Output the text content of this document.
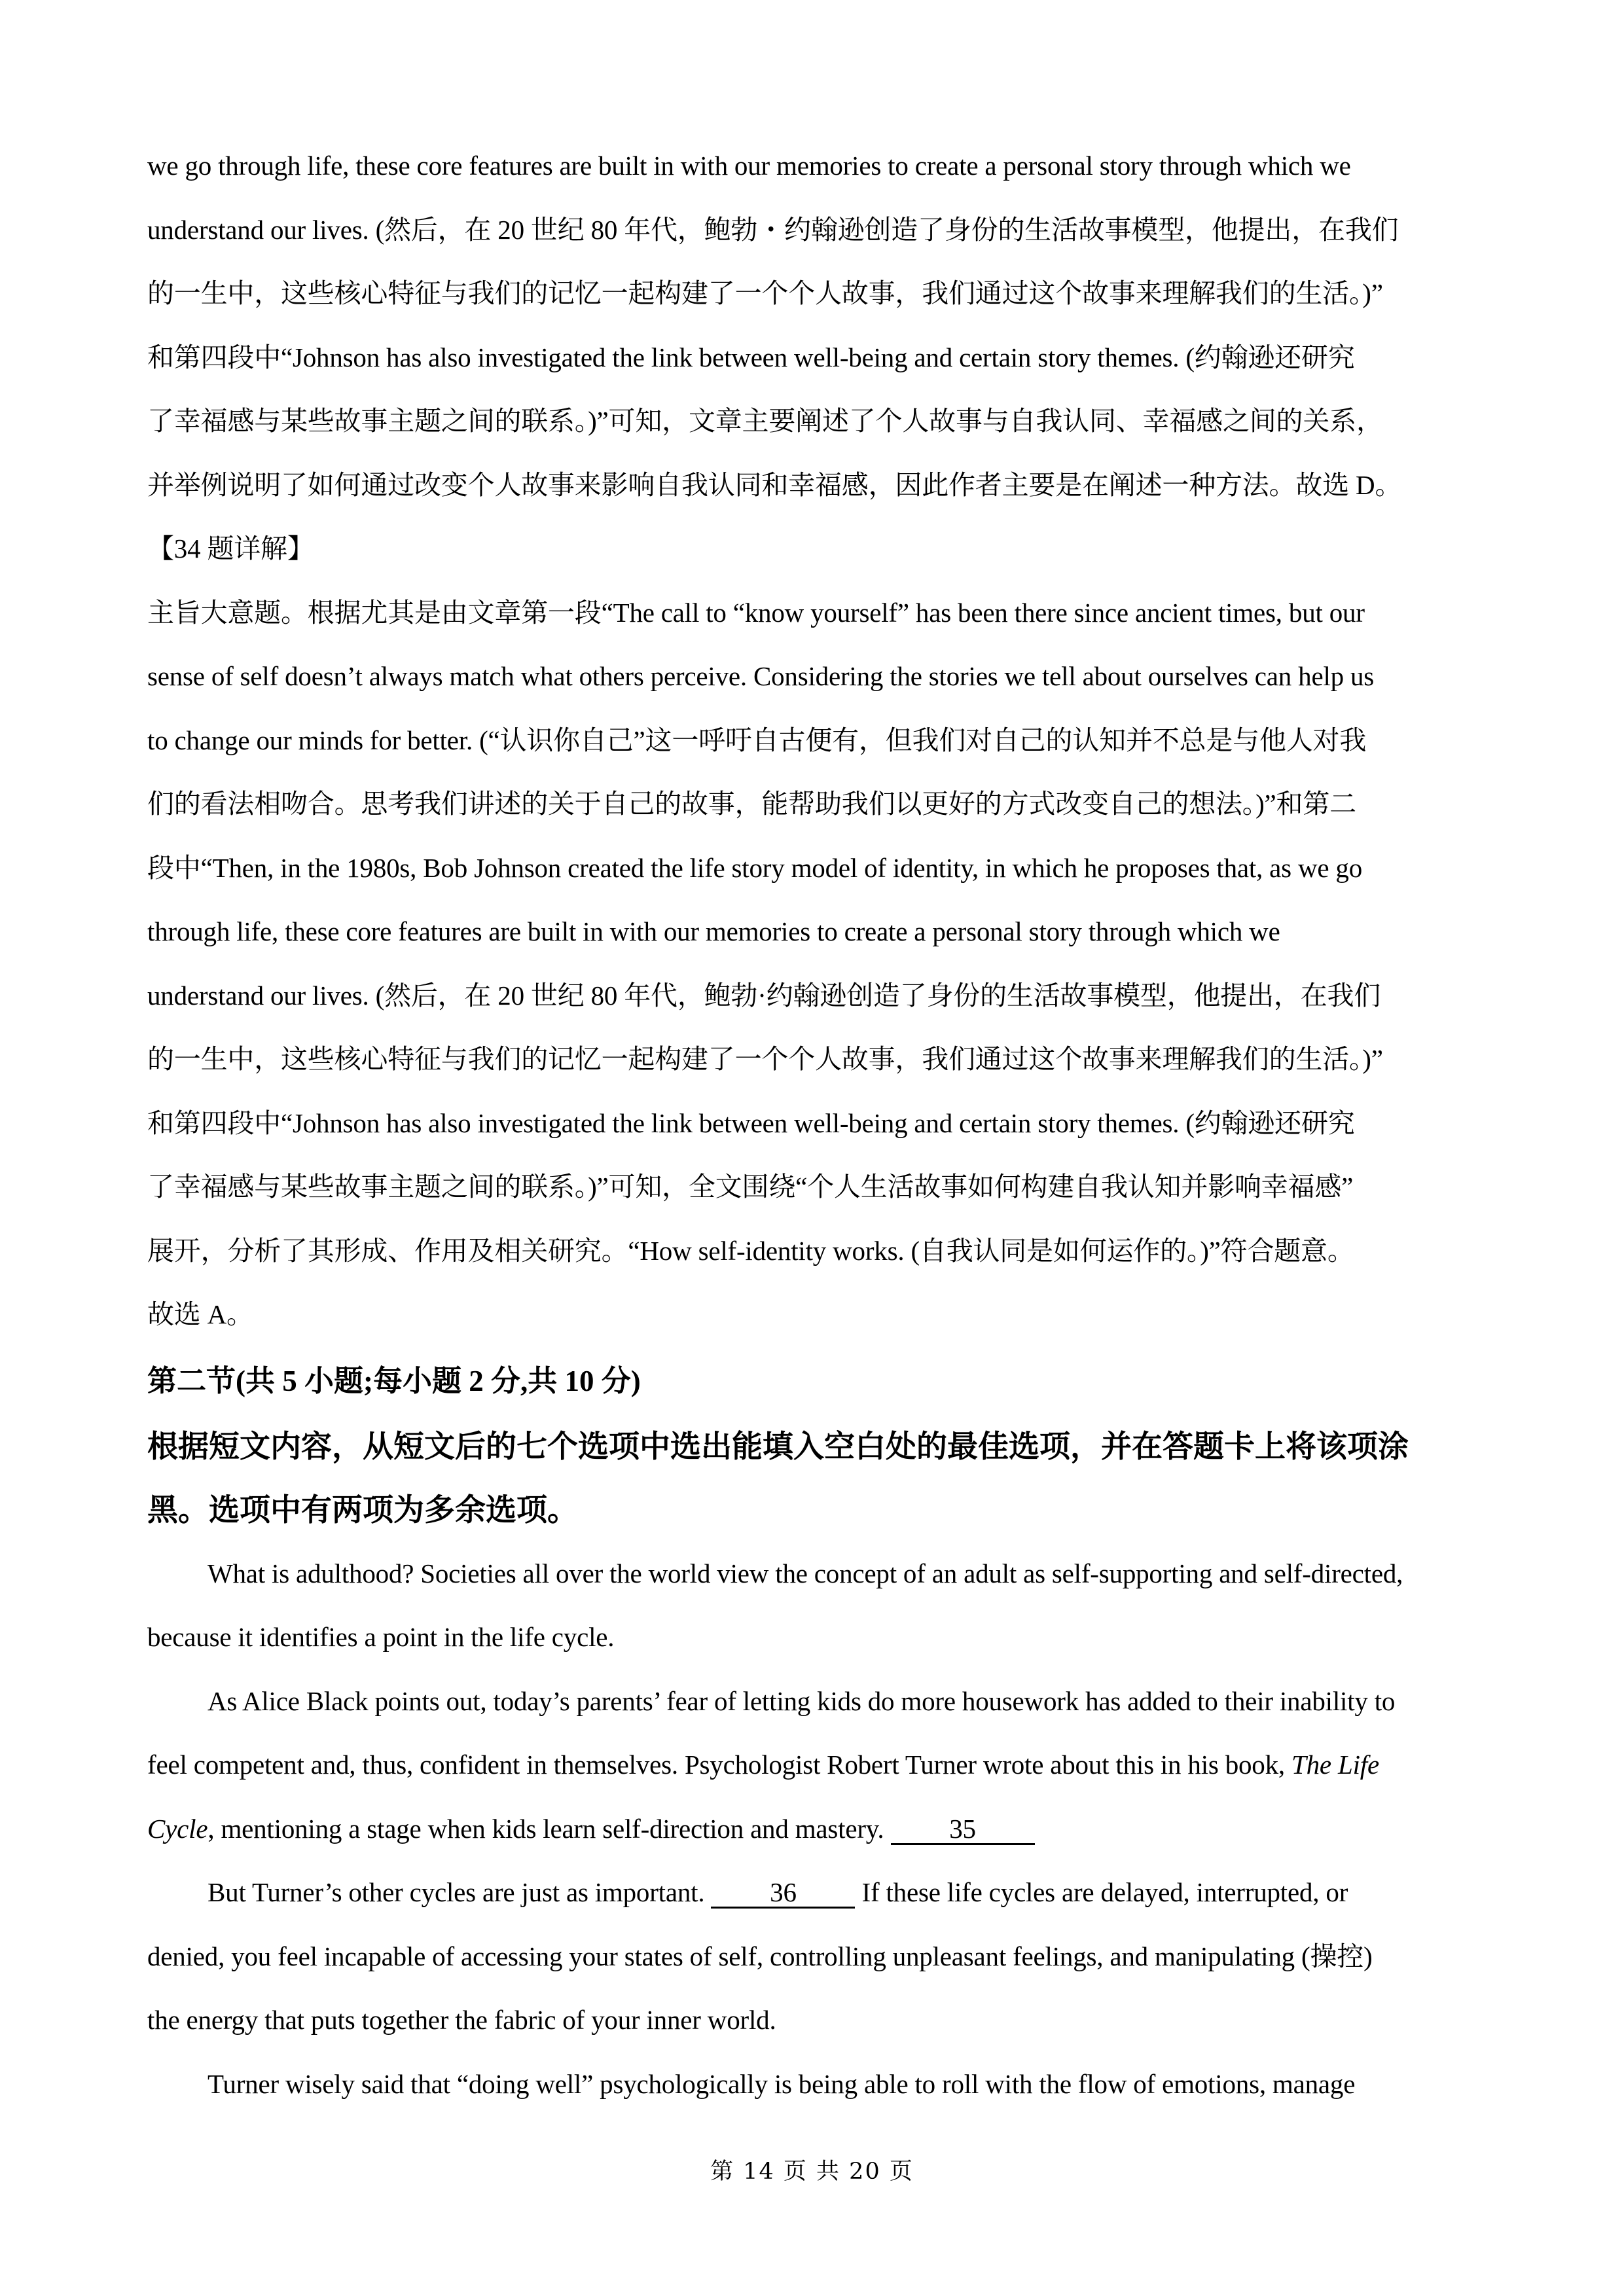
we go through life, these core features are built in with our memories to create a personal story through which we
understand our lives. (然后，在 20 世纪 80 年代，鲍勃・约翰逊创造了身份的生活故事模型，他提出，在我们
的一生中，这些核心特征与我们的记忆一起构建了一个个人故事，我们通过这个故事来理解我们的生活。)”
和第四段中“Johnson has also investigated the link between well-being and certain story themes. (约翰逊还研究
了幸福感与某些故事主题之间的联系。)”可知，文章主要阐述了个人故事与自我认同、幸福感之间的关系，
并举例说明了如何通过改变个人故事来影响自我认同和幸福感，因此作者主要是在阐述一种方法。故选 D。
【34 题详解】
主旨大意题。根据尤其是由文章第一段“The call to “know yourself” has been there since ancient times, but our
sense of self doesn’t always match what others perceive. Considering the stories we tell about ourselves can help us
to change our minds for better. (“认识你自己”这一呼吁自古便有，但我们对自己的认知并不总是与他人对我
们的看法相吻合。思考我们讲述的关于自己的故事，能帮助我们以更好的方式改变自己的想法。)”和第二
段中“Then, in the 1980s, Bob Johnson created the life story model of identity, in which he proposes that, as we go
through life, these core features are built in with our memories to create a personal story through which we
understand our lives. (然后，在 20 世纪 80 年代，鲍勃·约翰逊创造了身份的生活故事模型，他提出，在我们
的一生中，这些核心特征与我们的记忆一起构建了一个个人故事，我们通过这个故事来理解我们的生活。)”
和第四段中“Johnson has also investigated the link between well-being and certain story themes. (约翰逊还研究
了幸福感与某些故事主题之间的联系。)”可知，全文围绕“个人生活故事如何构建自我认知并影响幸福感”
展开，分析了其形成、作用及相关研究。“How self-identity works. (自我认同是如何运作的。)”符合题意。
故选 A。
第二节(共 5 小题;每小题 2 分,共 10 分)
根据短文内容，从短文后的七个选项中选出能填入空白处的最佳选项，并在答题卡上将该项涂
黑。选项中有两项为多余选项。
What is adulthood? Societies all over the world view the concept of an adult as self-supporting and self-directed,
because it identifies a point in the life cycle.
As Alice Black points out, today’s parents’ fear of letting kids do more housework has added to their inability to
feel competent and, thus, confident in themselves. Psychologist Robert Turner wrote about this in his book, The Life
Cycle, mentioning a stage when kids learn self-direction and mastery. 35
But Turner’s other cycles are just as important. 36 If these life cycles are delayed, interrupted, or
denied, you feel incapable of accessing your states of self, controlling unpleasant feelings, and manipulating (操控)
the energy that puts together the fabric of your inner world.
Turner wisely said that “doing well” psychologically is being able to roll with the flow of emotions, manage
第 14 页 共 20 页
